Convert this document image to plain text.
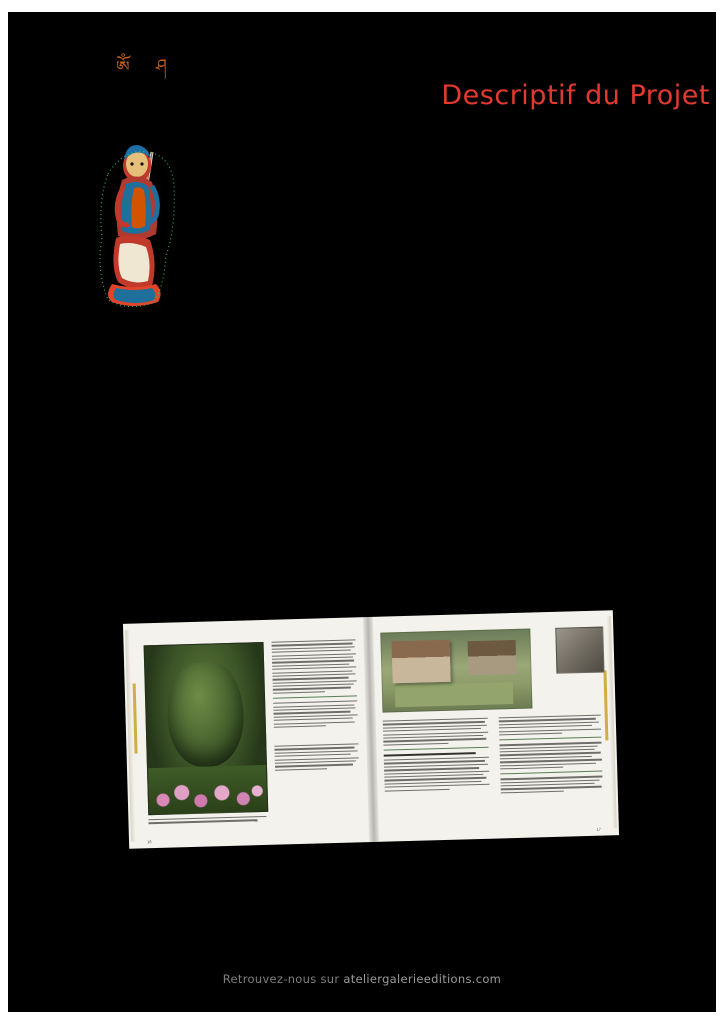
ༀ ཤ
Descriptif du Projet
16
17
Retrouvez-nous sur ateliergalerieeditions.com
